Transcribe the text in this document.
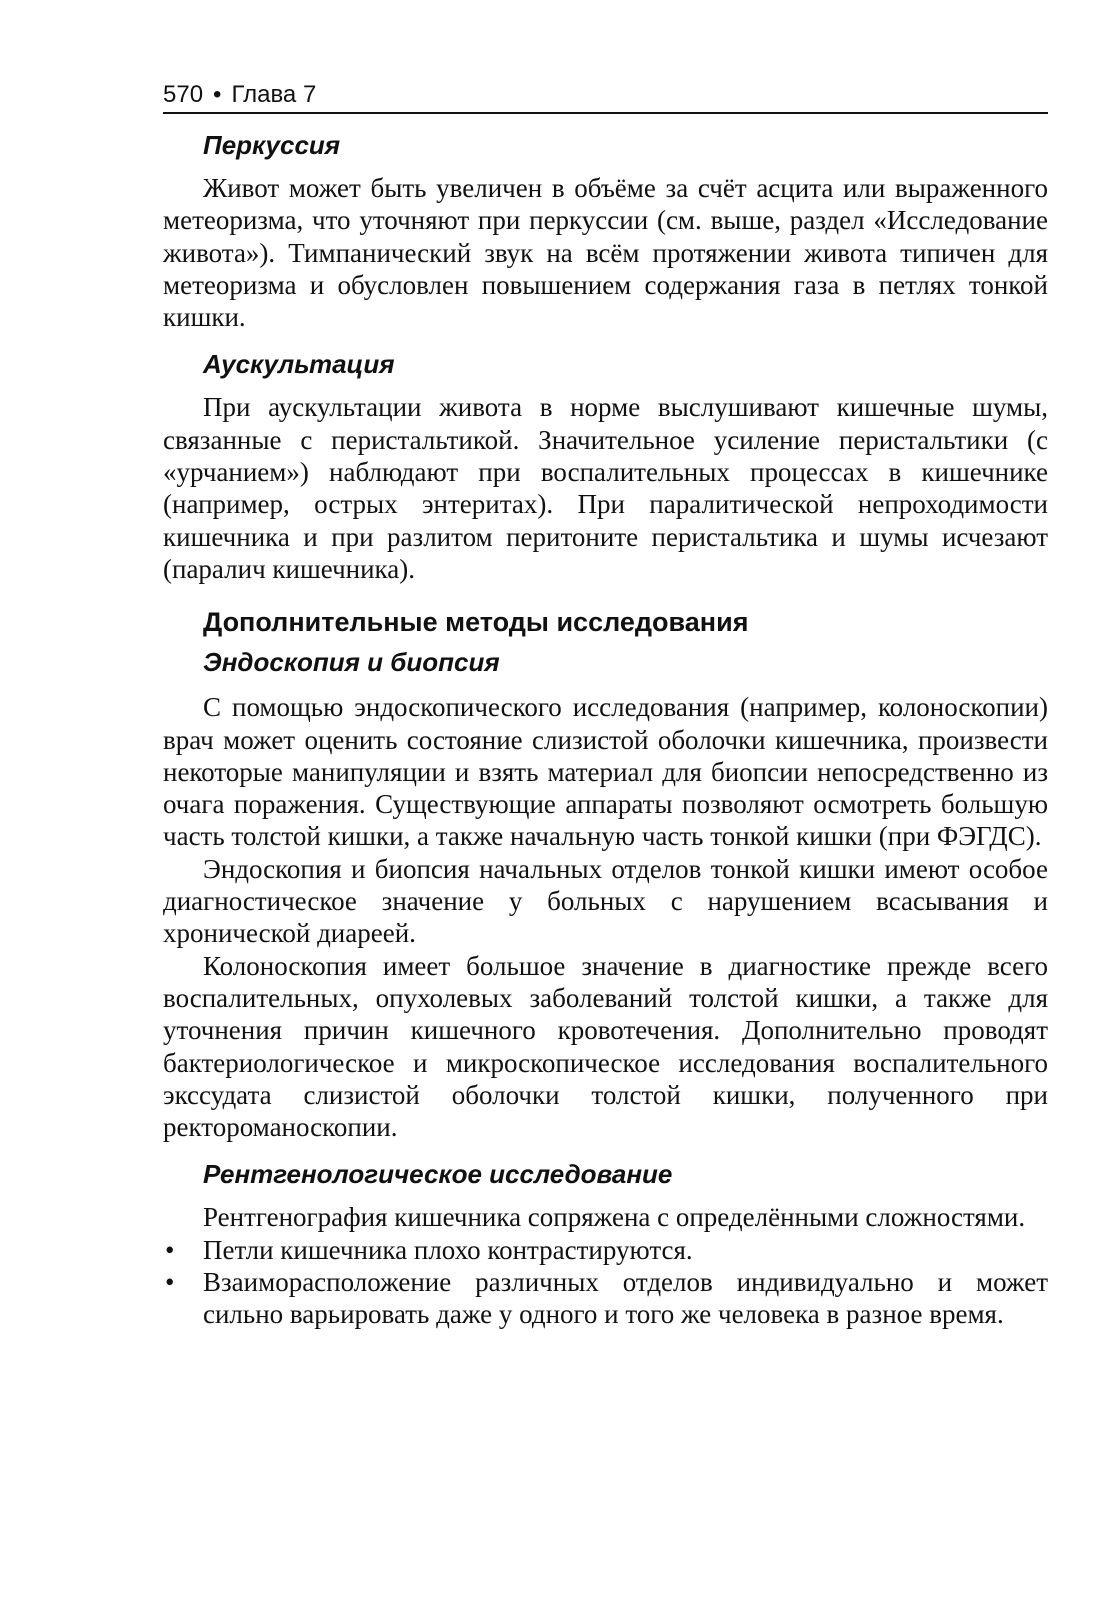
570 • Глава 7
Перкуссия

Живот может быть увеличен в объёме за счёт асцита или выраженного метеоризма, что уточняют при перкуссии (см. выше, раздел «Исследование живота»). Тимпанический звук на всём протяжении живота типичен для метеоризма и обусловлен повышением содержания газа в петлях тонкой кишки.

Аускультация

При аускультации живота в норме выслушивают кишечные шумы, связанные с перистальтикой. Значительное усиление перистальтики (с «урчанием») наблюдают при воспалительных процессах в кишечнике (например, острых энтеритах). При паралитической непроходимости кишечника и при разлитом перитоните перистальтика и шумы исчезают (паралич кишечника).

Дополнительные методы исследования
Эндоскопия и биопсия

С помощью эндоскопического исследования (например, колоноскопии) врач может оценить состояние слизистой оболочки кишечника, произвести некоторые манипуляции и взять материал для биопсии непосредственно из очага поражения. Существующие аппараты позволяют осмотреть большую часть толстой кишки, а также начальную часть тонкой кишки (при ФЭГДС).

Эндоскопия и биопсия начальных отделов тонкой кишки имеют особое диагностическое значение у больных с нарушением всасывания и хронической диареей.

Колоноскопия имеет большое значение в диагностике прежде всего воспалительных, опухолевых заболеваний толстой кишки, а также для уточнения причин кишечного кровотечения. Дополнительно проводят бактериологическое и микроскопическое исследования воспалительного экссудата слизистой оболочки толстой кишки, полученного при ректороманоскопии.

Рентгенологическое исследование

Рентгенография кишечника сопряжена с определёнными сложностями.

• Петли кишечника плохо контрастируются.
• Взаиморасположение различных отделов индивидуально и может сильно варьировать даже у одного и того же человека в разное время.
